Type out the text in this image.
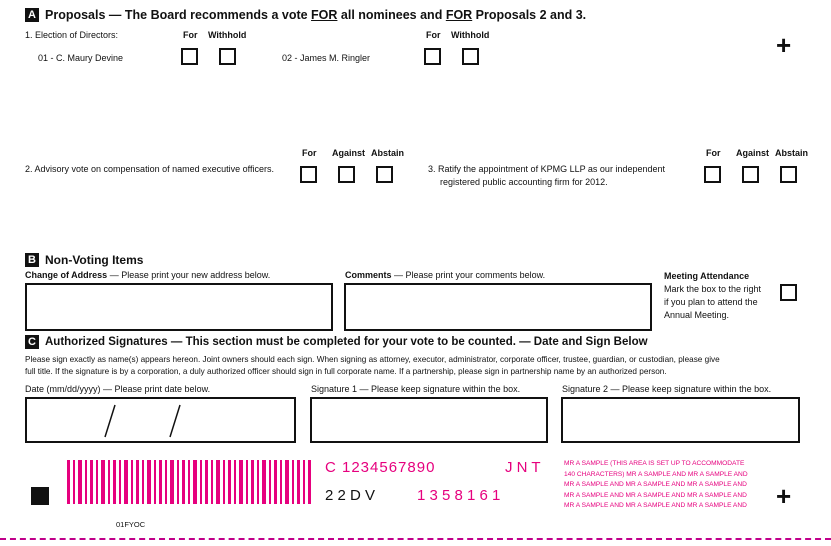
A Proposals — The Board recommends a vote FOR all nominees and FOR Proposals 2 and 3.
1. Election of Directors:	For Withhold	For Withhold
01 - C. Maury Devine	02 - James M. Ringler	+
For Against Abstain
2. Advisory vote on compensation of named executive officers.
For Against Abstain
3. Ratify the appointment of KPMG LLP as our independent
registered public accounting firm for 2012.
B Non-Voting Items
Change of Address — Please print your new address below.	Comments — Please print your comments below.	Meeting Attendance
Mark the box to the right
if you plan to attend the
Annual Meeting.
C Authorized Signatures — This section must be completed for your vote to be counted. — Date and Sign Below
Please sign exactly as name(s) appears hereon. Joint owners should each sign. When signing as attorney, executor, administrator, corporate officer, trustee, guardian, or custodian, please give
full title. If the signature is by a corporation, a duly authorized officer should sign in full corporate name. If a partnership, please sign in partnership name by an authorized person.
Date (mm/dd/yyyy) — Please print date below.	Signature 1 — Please keep signature within the box.	Signature 2 — Please keep signature within the box.
C 1234567890	J N T
2 2 D V	1 3 5 8 1 6 1
MR A SAMPLE (THIS AREA IS SET UP TO ACCOMMODATE
140 CHARACTERS) MR A SAMPLE AND MR A SAMPLE AND
MR A SAMPLE AND MR A SAMPLE AND MR A SAMPLE AND
MR A SAMPLE AND MR A SAMPLE AND MR A SAMPLE AND
MR A SAMPLE AND MR A SAMPLE AND MR A SAMPLE AND +
01FYOC
